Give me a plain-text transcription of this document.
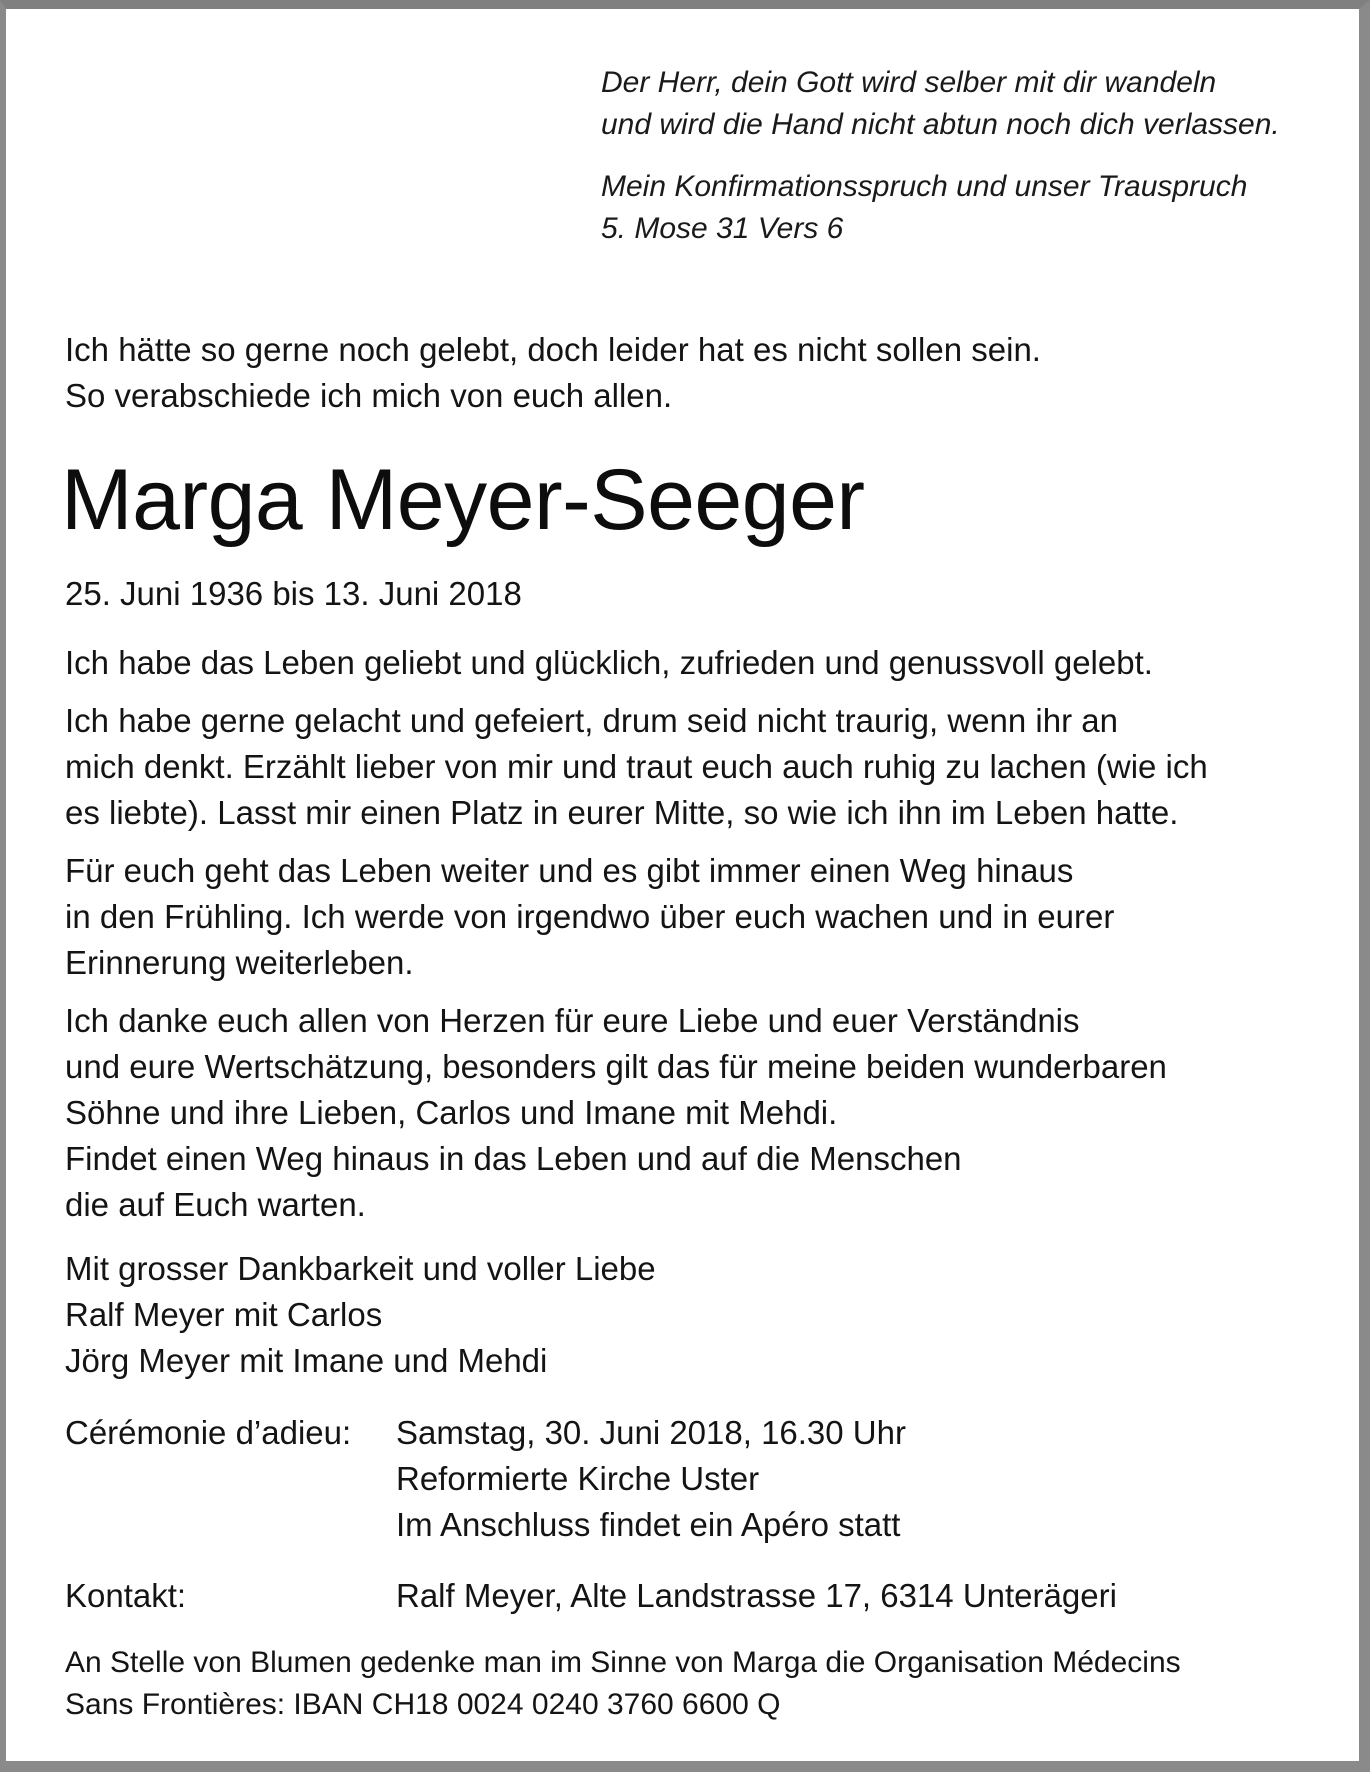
Der Herr, dein Gott wird selber mit dir wandeln
und wird die Hand nicht abtun noch dich verlassen.

Mein Konfirmationsspruch und unser Trauspruch
5. Mose 31 Vers 6

Ich hätte so gerne noch gelebt, doch leider hat es nicht sollen sein.
So verabschiede ich mich von euch allen.
Marga Meyer-Seeger
25. Juni 1936 bis 13. Juni 2018

Ich habe das Leben geliebt und glücklich, zufrieden und genussvoll gelebt.

Ich habe gerne gelacht und gefeiert, drum seid nicht traurig, wenn ihr an
mich denkt. Erzählt lieber von mir und traut euch auch ruhig zu lachen (wie ich
es liebte). Lasst mir einen Platz in eurer Mitte, so wie ich ihn im Leben hatte.

Für euch geht das Leben weiter und es gibt immer einen Weg hinaus
in den Frühling. Ich werde von irgendwo über euch wachen und in eurer
Erinnerung weiterleben.

Ich danke euch allen von Herzen für eure Liebe und euer Verständnis
und eure Wertschätzung, besonders gilt das für meine beiden wunderbaren
Söhne und ihre Lieben, Carlos und Imane mit Mehdi.
Findet einen Weg hinaus in das Leben und auf die Menschen
die auf Euch warten.

Mit grosser Dankbarkeit und voller Liebe
Ralf Meyer mit Carlos
Jörg Meyer mit Imane und Mehdi
Cérémonie d’adieu:	Samstag, 30. Juni 2018, 16.30 Uhr
Reformierte Kirche Uster
Im Anschluss findet ein Apéro statt
Kontakt:	Ralf Meyer, Alte Landstrasse 17, 6314 Unterägeri
An Stelle von Blumen gedenke man im Sinne von Marga die Organisation Médecins
Sans Frontières: IBAN CH18 0024 0240 3760 6600 Q
